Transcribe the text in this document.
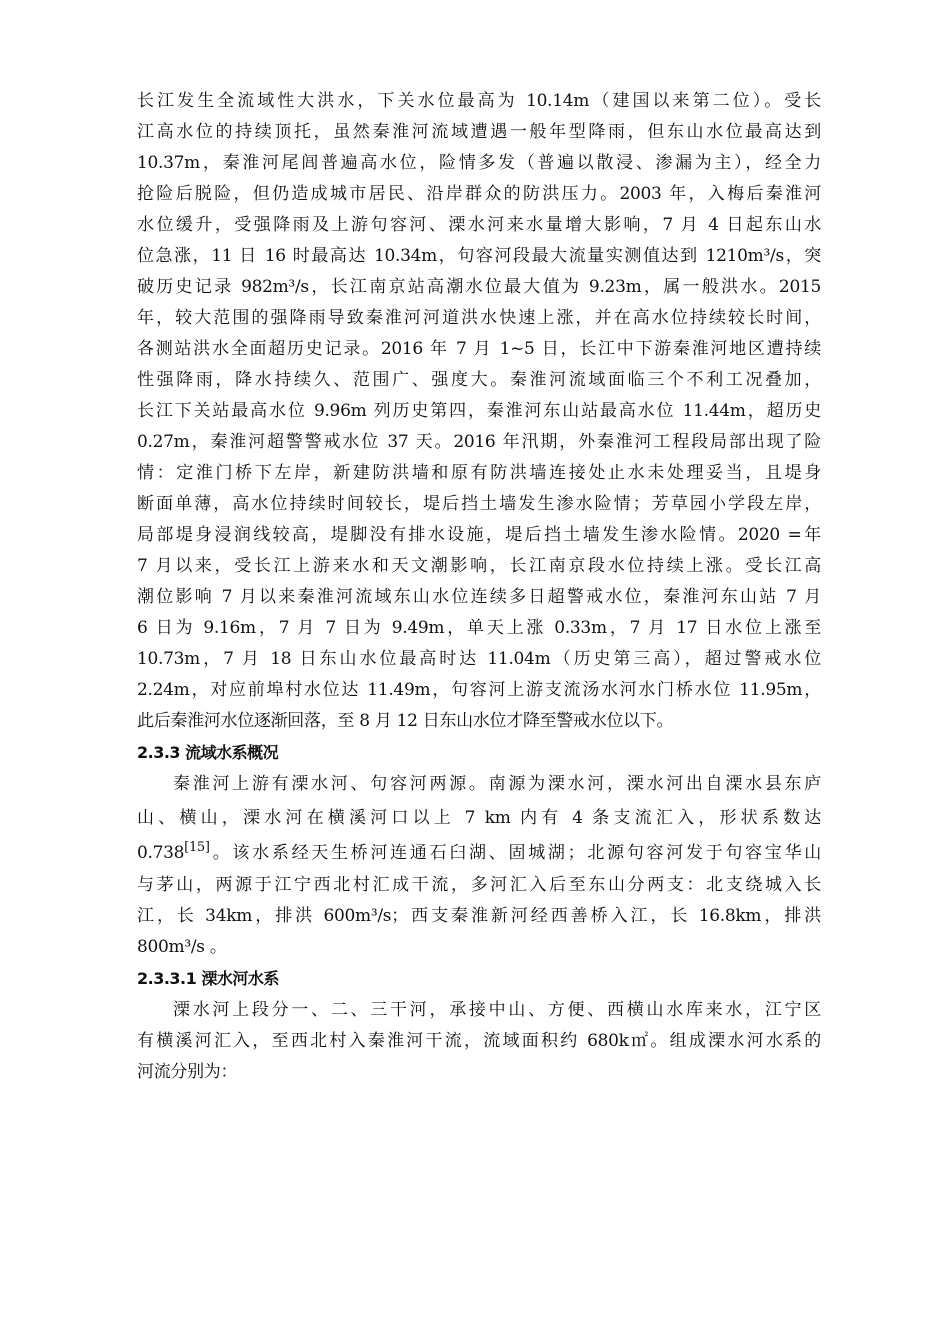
长江发生全流域性大洪水，下关水位最高为 10.14m（建国以来第二位）。受长
江高水位的持续顶托，虽然秦淮河流域遭遇一般年型降雨，但东山水位最高达到
10.37m，秦淮河尾闾普遍高水位，险情多发（普遍以散浸、渗漏为主），经全力
抢险后脱险，但仍造成城市居民、沿岸群众的防洪压力。2003 年，入梅后秦淮河
水位缓升，受强降雨及上游句容河、溧水河来水量增大影响，7 月 4 日起东山水
位急涨，11 日 16 时最高达 10.34m，句容河段最大流量实测值达到 1210m³/s，突
破历史记录 982m³/s，长江南京站高潮水位最大值为 9.23m，属一般洪水。2015
年，较大范围的强降雨导致秦淮河河道洪水快速上涨，并在高水位持续较长时间，
各测站洪水全面超历史记录。2016 年 7 月 1~5 日，长江中下游秦淮河地区遭持续
性强降雨，降水持续久、范围广、强度大。秦淮河流域面临三个不利工况叠加，
长江下关站最高水位 9.96m 列历史第四，秦淮河东山站最高水位 11.44m，超历史
0.27m，秦淮河超警警戒水位 37 天。2016 年汛期，外秦淮河工程段局部出现了险
情：定淮门桥下左岸，新建防洪墙和原有防洪墙连接处止水未处理妥当，且堤身
断面单薄，高水位持续时间较长，堤后挡土墙发生渗水险情；芳草园小学段左岸，
局部堤身浸润线较高，堤脚没有排水设施，堤后挡土墙发生渗水险情。2020 =年
7 月以来，受长江上游来水和天文潮影响，长江南京段水位持续上涨。受长江高
潮位影响 7 月以来秦淮河流域东山水位连续多日超警戒水位，秦淮河东山站 7 月
6 日为 9.16m，7 月 7 日为 9.49m，单天上涨 0.33m，7 月 17 日水位上涨至
10.73m，7 月 18 日东山水位最高时达 11.04m（历史第三高），超过警戒水位
2.24m，对应前埠村水位达 11.49m，句容河上游支流汤水河水门桥水位 11.95m，
此后秦淮河水位逐渐回落，至 8 月 12 日东山水位才降至警戒水位以下。
2.3.3 流域水系概况
秦淮河上游有溧水河、句容河两源。南源为溧水河，溧水河出自溧水县东庐
山、横山，溧水河在横溪河口以上 7 km 内有 4 条支流汇入，形状系数达
0.738[15]。该水系经天生桥河连通石臼湖、固城湖；北源句容河发于句容宝华山
与茅山，两源于江宁西北村汇成干流，多河汇入后至东山分两支：北支绕城入长
江，长 34km，排洪 600m³/s；西支秦淮新河经西善桥入江，长 16.8km，排洪
800m³/s 。
2.3.3.1 溧水河水系
溧水河上段分一、二、三干河，承接中山、方便、西横山水库来水，江宁区
有横溪河汇入，至西北村入秦淮河干流，流域面积约 680k㎡。组成溧水河水系的
河流分别为：
